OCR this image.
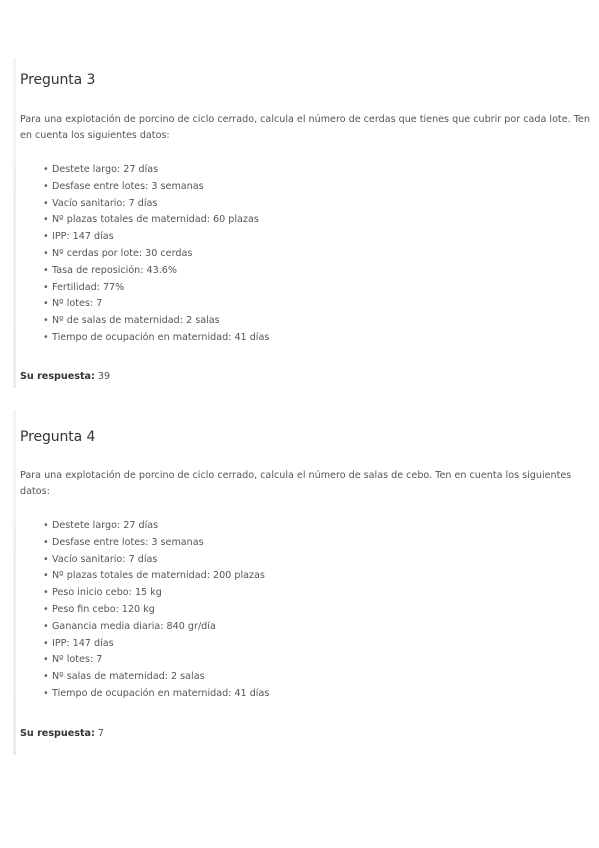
Pregunta 3

Para una explotación de porcino de ciclo cerrado, calcula el número de cerdas que tienes que cubrir por cada lote. Ten en cuenta los siguientes datos:

• Destete largo: 27 días
• Desfase entre lotes: 3 semanas
• Vacío sanitario: 7 días
• Nº plazas totales de maternidad: 60 plazas
• IPP: 147 días
• Nº cerdas por lote: 30 cerdas
• Tasa de reposición: 43.6%
• Fertilidad: 77%
• Nº lotes: 7
• Nº de salas de maternidad: 2 salas
• Tiempo de ocupación en maternidad: 41 días

Su respuesta: 39

Pregunta 4

Para una explotación de porcino de ciclo cerrado, calcula el número de salas de cebo. Ten en cuenta los siguientes datos:

• Destete largo: 27 días
• Desfase entre lotes: 3 semanas
• Vacío sanitario: 7 días
• Nº plazas totales de maternidad: 200 plazas
• Peso inicio cebo: 15 kg
• Peso fin cebo: 120 kg
• Ganancia media diaria: 840 gr/día
• IPP: 147 días
• Nº lotes: 7
• Nº salas de maternidad: 2 salas
• Tiempo de ocupación en maternidad: 41 días

Su respuesta: 7
